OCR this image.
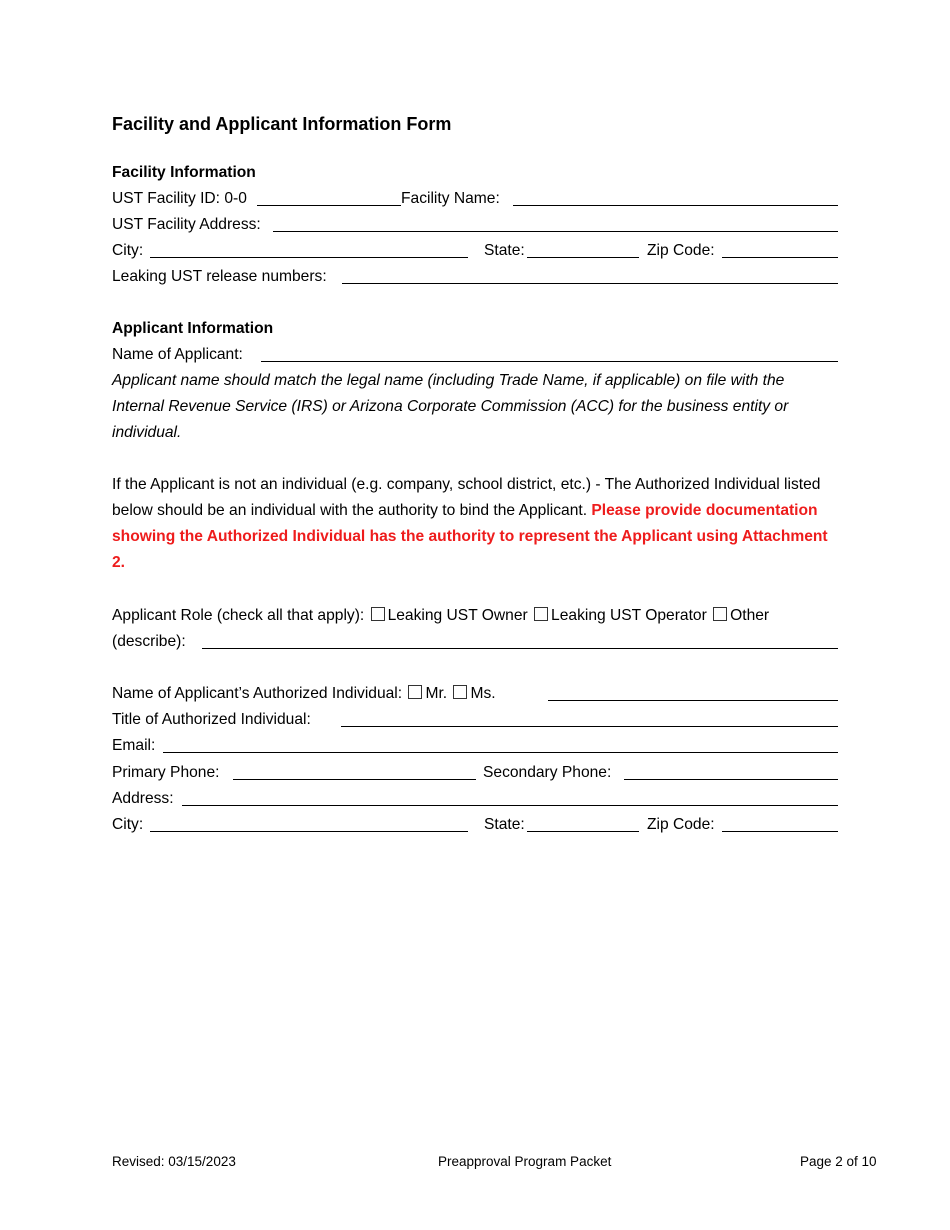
Facility and Applicant Information Form
Facility Information
UST Facility ID: 0-0	Facility Name:
UST Facility Address:
City:	State:	Zip Code:
Leaking UST release numbers:
Applicant Information
Name of Applicant:
Applicant name should match the legal name (including Trade Name, if applicable) on file with the Internal Revenue Service (IRS) or Arizona Corporate Commission (ACC) for the business entity or individual.
If the Applicant is not an individual (e.g. company, school district, etc.) - The Authorized Individual listed below should be an individual with the authority to bind the Applicant. Please provide documentation showing the Authorized Individual has the authority to represent the Applicant using Attachment 2.
Applicant Role (check all that apply): Leaking UST Owner Leaking UST Operator Other
(describe):
Name of Applicant’s Authorized Individual: Mr. Ms.
Title of Authorized Individual:
Email:
Primary Phone:	Secondary Phone:
Address:
City:	State:	Zip Code:
Revised: 03/15/2023	Preapproval Program Packet	Page 2 of 10
